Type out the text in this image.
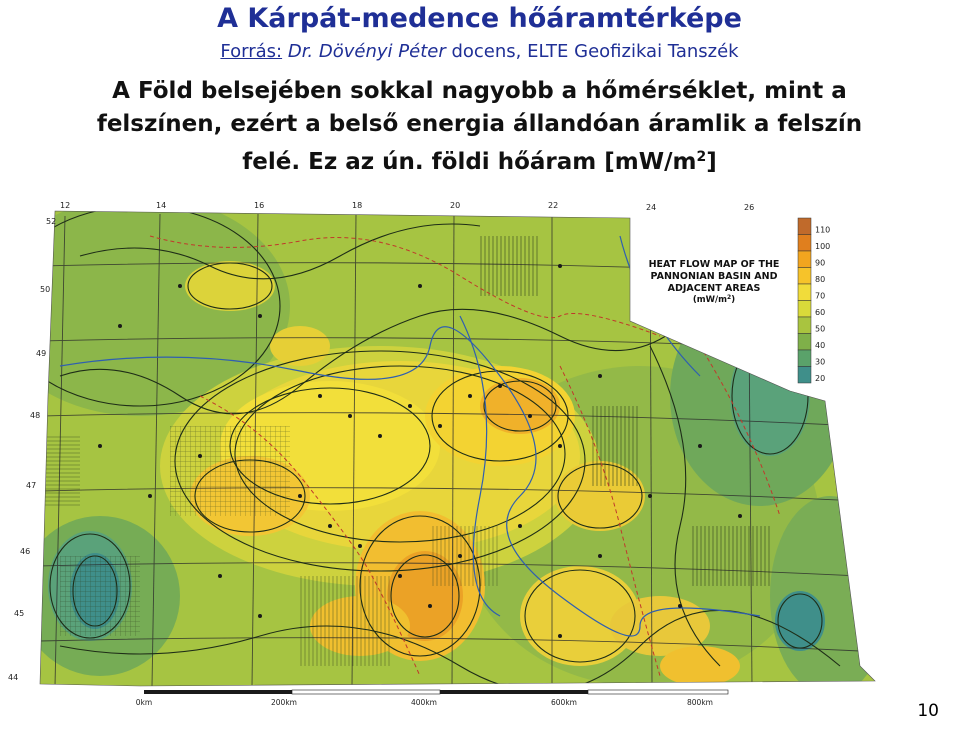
A Kárpát-medence hőáramtérképe
Forrás: Dr. Dövényi Péter docens, ELTE Geofizikai Tanszék
A Föld belsejében sokkal nagyobb a hőmérséklet, mint a
felszínen, ezért a belső energia állandóan áramlik a felszín
felé. Ez az ún. földi hőáram $[mW/m^2]$
52
50
49
48
47
46
45
44
12	14	16	18	20	22	24	26
HEAT FLOW MAP OF THE
PANNONIAN BASIN AND
ADJACENT AREAS
$(mW/m^2)$
110
100
90
80
70
60
50
40
30
20
0km	200km	400km	600km	800km	10
